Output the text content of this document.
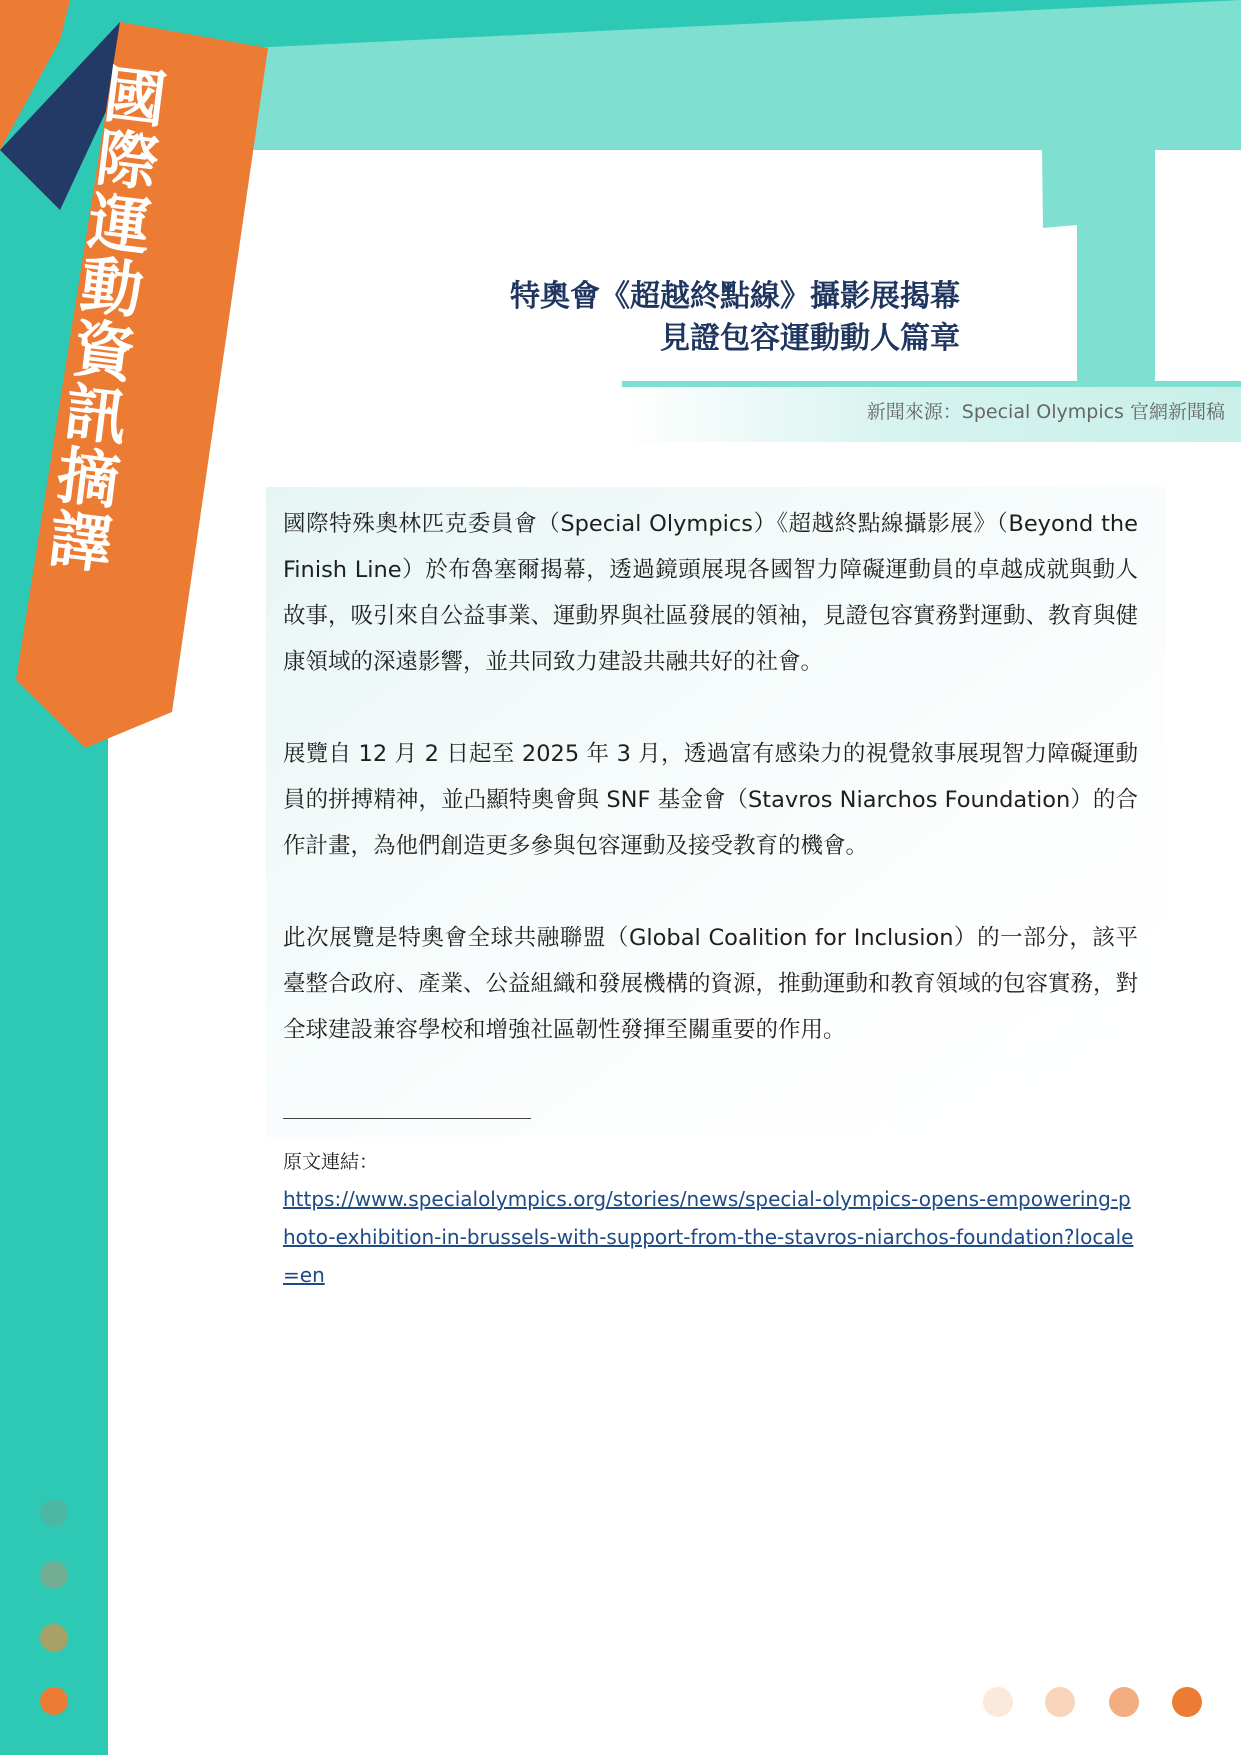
國
際
運
動
資
訊
摘
譯
特奧會《超越終點線》攝影展揭幕
見證包容運動動人篇章
新聞來源：Special Olympics 官網新聞稿

國際特殊奧林匹克委員會（Special Olympics）《超越終點線攝影展》（Beyond the Finish Line）於布魯塞爾揭幕，透過鏡頭展現各國智力障礙運動員的卓越成就與動人故事，吸引來自公益事業、運動界與社區發展的領袖，見證包容實務對運動、教育與健康領域的深遠影響，並共同致力建設共融共好的社會。

展覽自 12 月 2 日起至 2025 年 3 月，透過富有感染力的視覺敘事展現智力障礙運動員的拼搏精神，並凸顯特奧會與 SNF 基金會（Stavros Niarchos Foundation）的合作計畫，為他們創造更多參與包容運動及接受教育的機會。

此次展覽是特奧會全球共融聯盟（Global Coalition for Inclusion）的一部分，該平臺整合政府、產業、公益組織和發展機構的資源，推動運動和教育領域的包容實務，對全球建設兼容學校和增強社區韌性發揮至關重要的作用。

原文連結：
https://www.specialolympics.org/stories/news/special-olympics-opens-empowering-photo-exhibition-in-brussels-with-support-from-the-stavros-niarchos-foundation?locale=en
